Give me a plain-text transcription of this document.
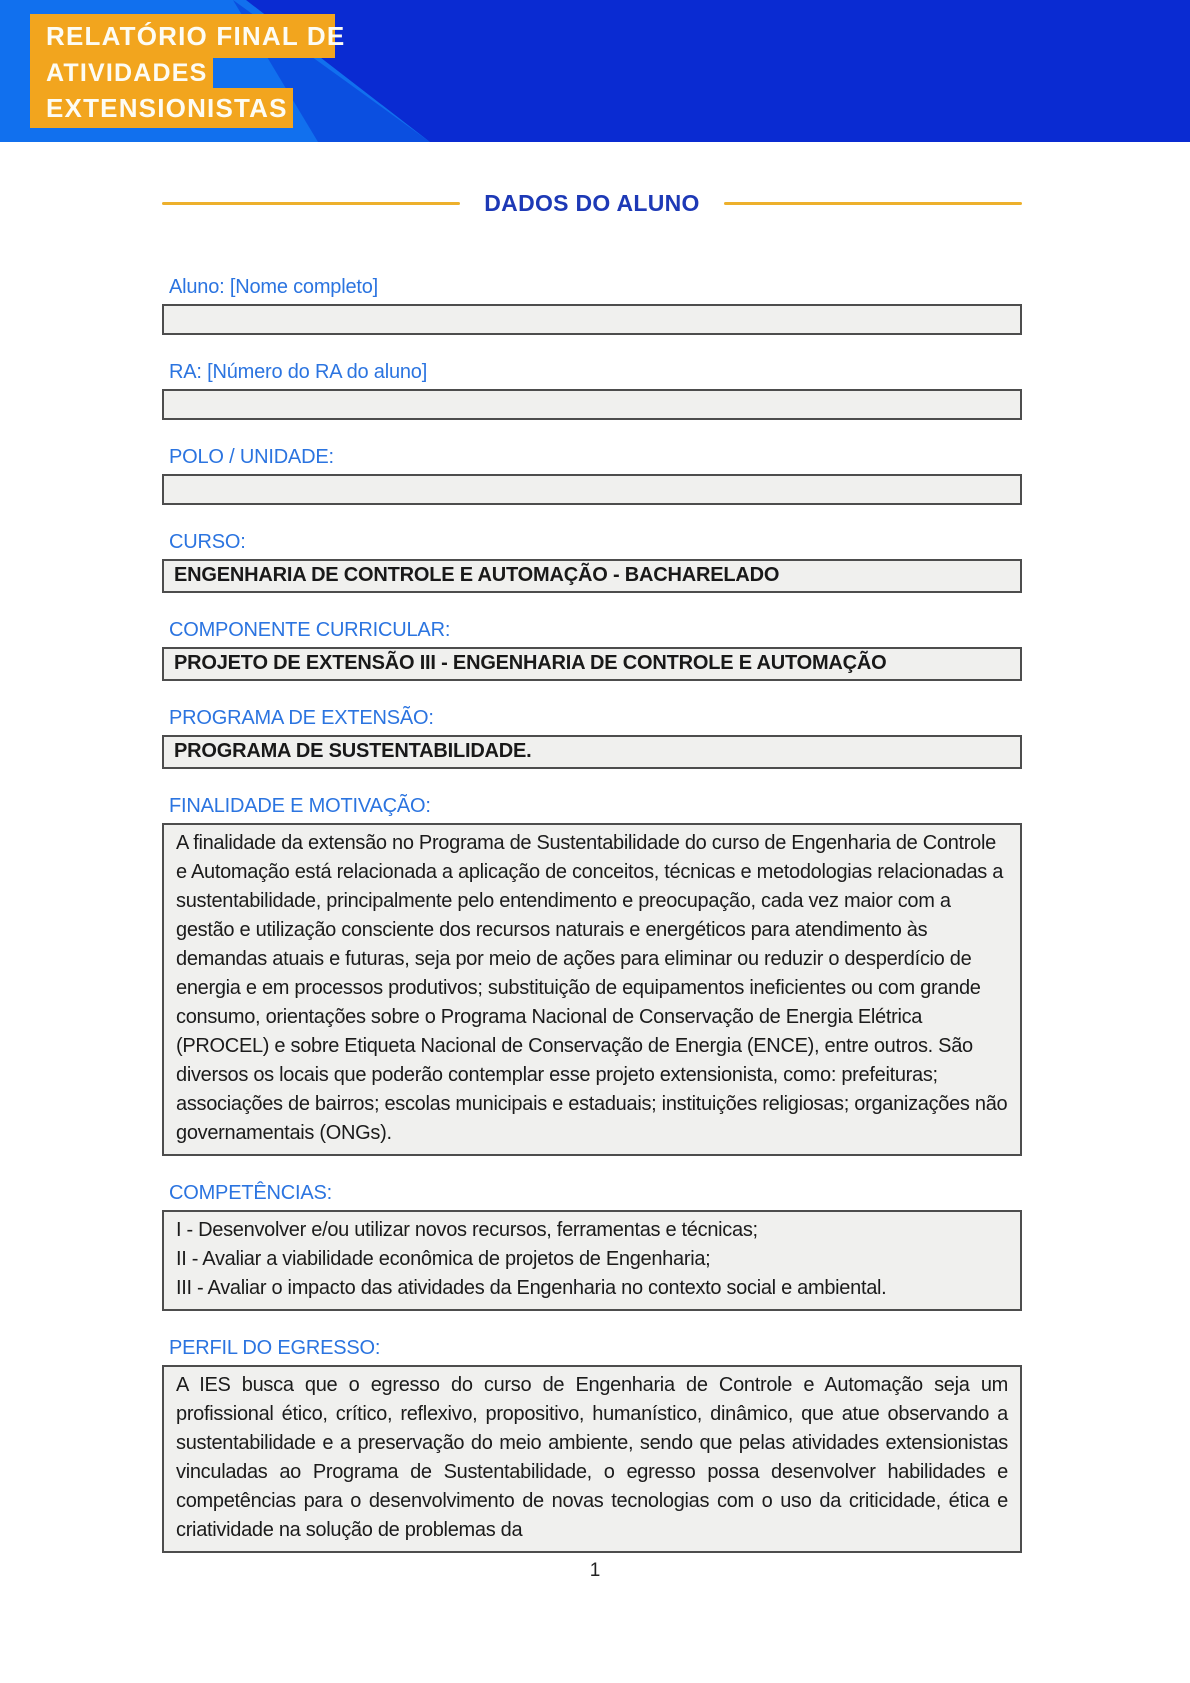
RELATÓRIO FINAL DE
ATIVIDADES
EXTENSIONISTAS
DADOS DO ALUNO
Aluno: [Nome completo]
RA: [Número do RA do aluno]
POLO / UNIDADE:
CURSO:
ENGENHARIA DE CONTROLE E AUTOMAÇÃO - BACHARELADO
COMPONENTE CURRICULAR:
PROJETO DE EXTENSÃO III - ENGENHARIA DE CONTROLE E AUTOMAÇÃO
PROGRAMA DE EXTENSÃO:
PROGRAMA DE SUSTENTABILIDADE.
FINALIDADE E MOTIVAÇÃO:
A finalidade da extensão no Programa de Sustentabilidade do curso de Engenharia de Controle e Automação está relacionada a aplicação de conceitos, técnicas e metodologias relacionadas a sustentabilidade, principalmente pelo entendimento e preocupação, cada vez maior com a gestão e utilização consciente dos recursos naturais e energéticos para atendimento às demandas atuais e futuras, seja por meio de ações para eliminar ou reduzir o desperdício de energia e em processos produtivos; substituição de equipamentos ineficientes ou com grande consumo, orientações sobre o Programa Nacional de Conservação de Energia Elétrica (PROCEL) e sobre Etiqueta Nacional de Conservação de Energia (ENCE), entre outros. São diversos os locais que poderão contemplar esse projeto extensionista, como: prefeituras; associações de bairros; escolas municipais e estaduais; instituições religiosas; organizações não governamentais (ONGs).
COMPETÊNCIAS:
I - Desenvolver e/ou utilizar novos recursos, ferramentas e técnicas;
II - Avaliar a viabilidade econômica de projetos de Engenharia;
III - Avaliar o impacto das atividades da Engenharia no contexto social e ambiental.
PERFIL DO EGRESSO:
A IES busca que o egresso do curso de Engenharia de Controle e Automação seja um profissional ético, crítico, reflexivo, propositivo, humanístico, dinâmico, que atue observando a sustentabilidade e a preservação do meio ambiente, sendo que pelas atividades extensionistas vinculadas ao Programa de Sustentabilidade, o egresso possa desenvolver habilidades e competências para o desenvolvimento de novas tecnologias com o uso da criticidade, ética e criatividade na solução de problemas da
1
